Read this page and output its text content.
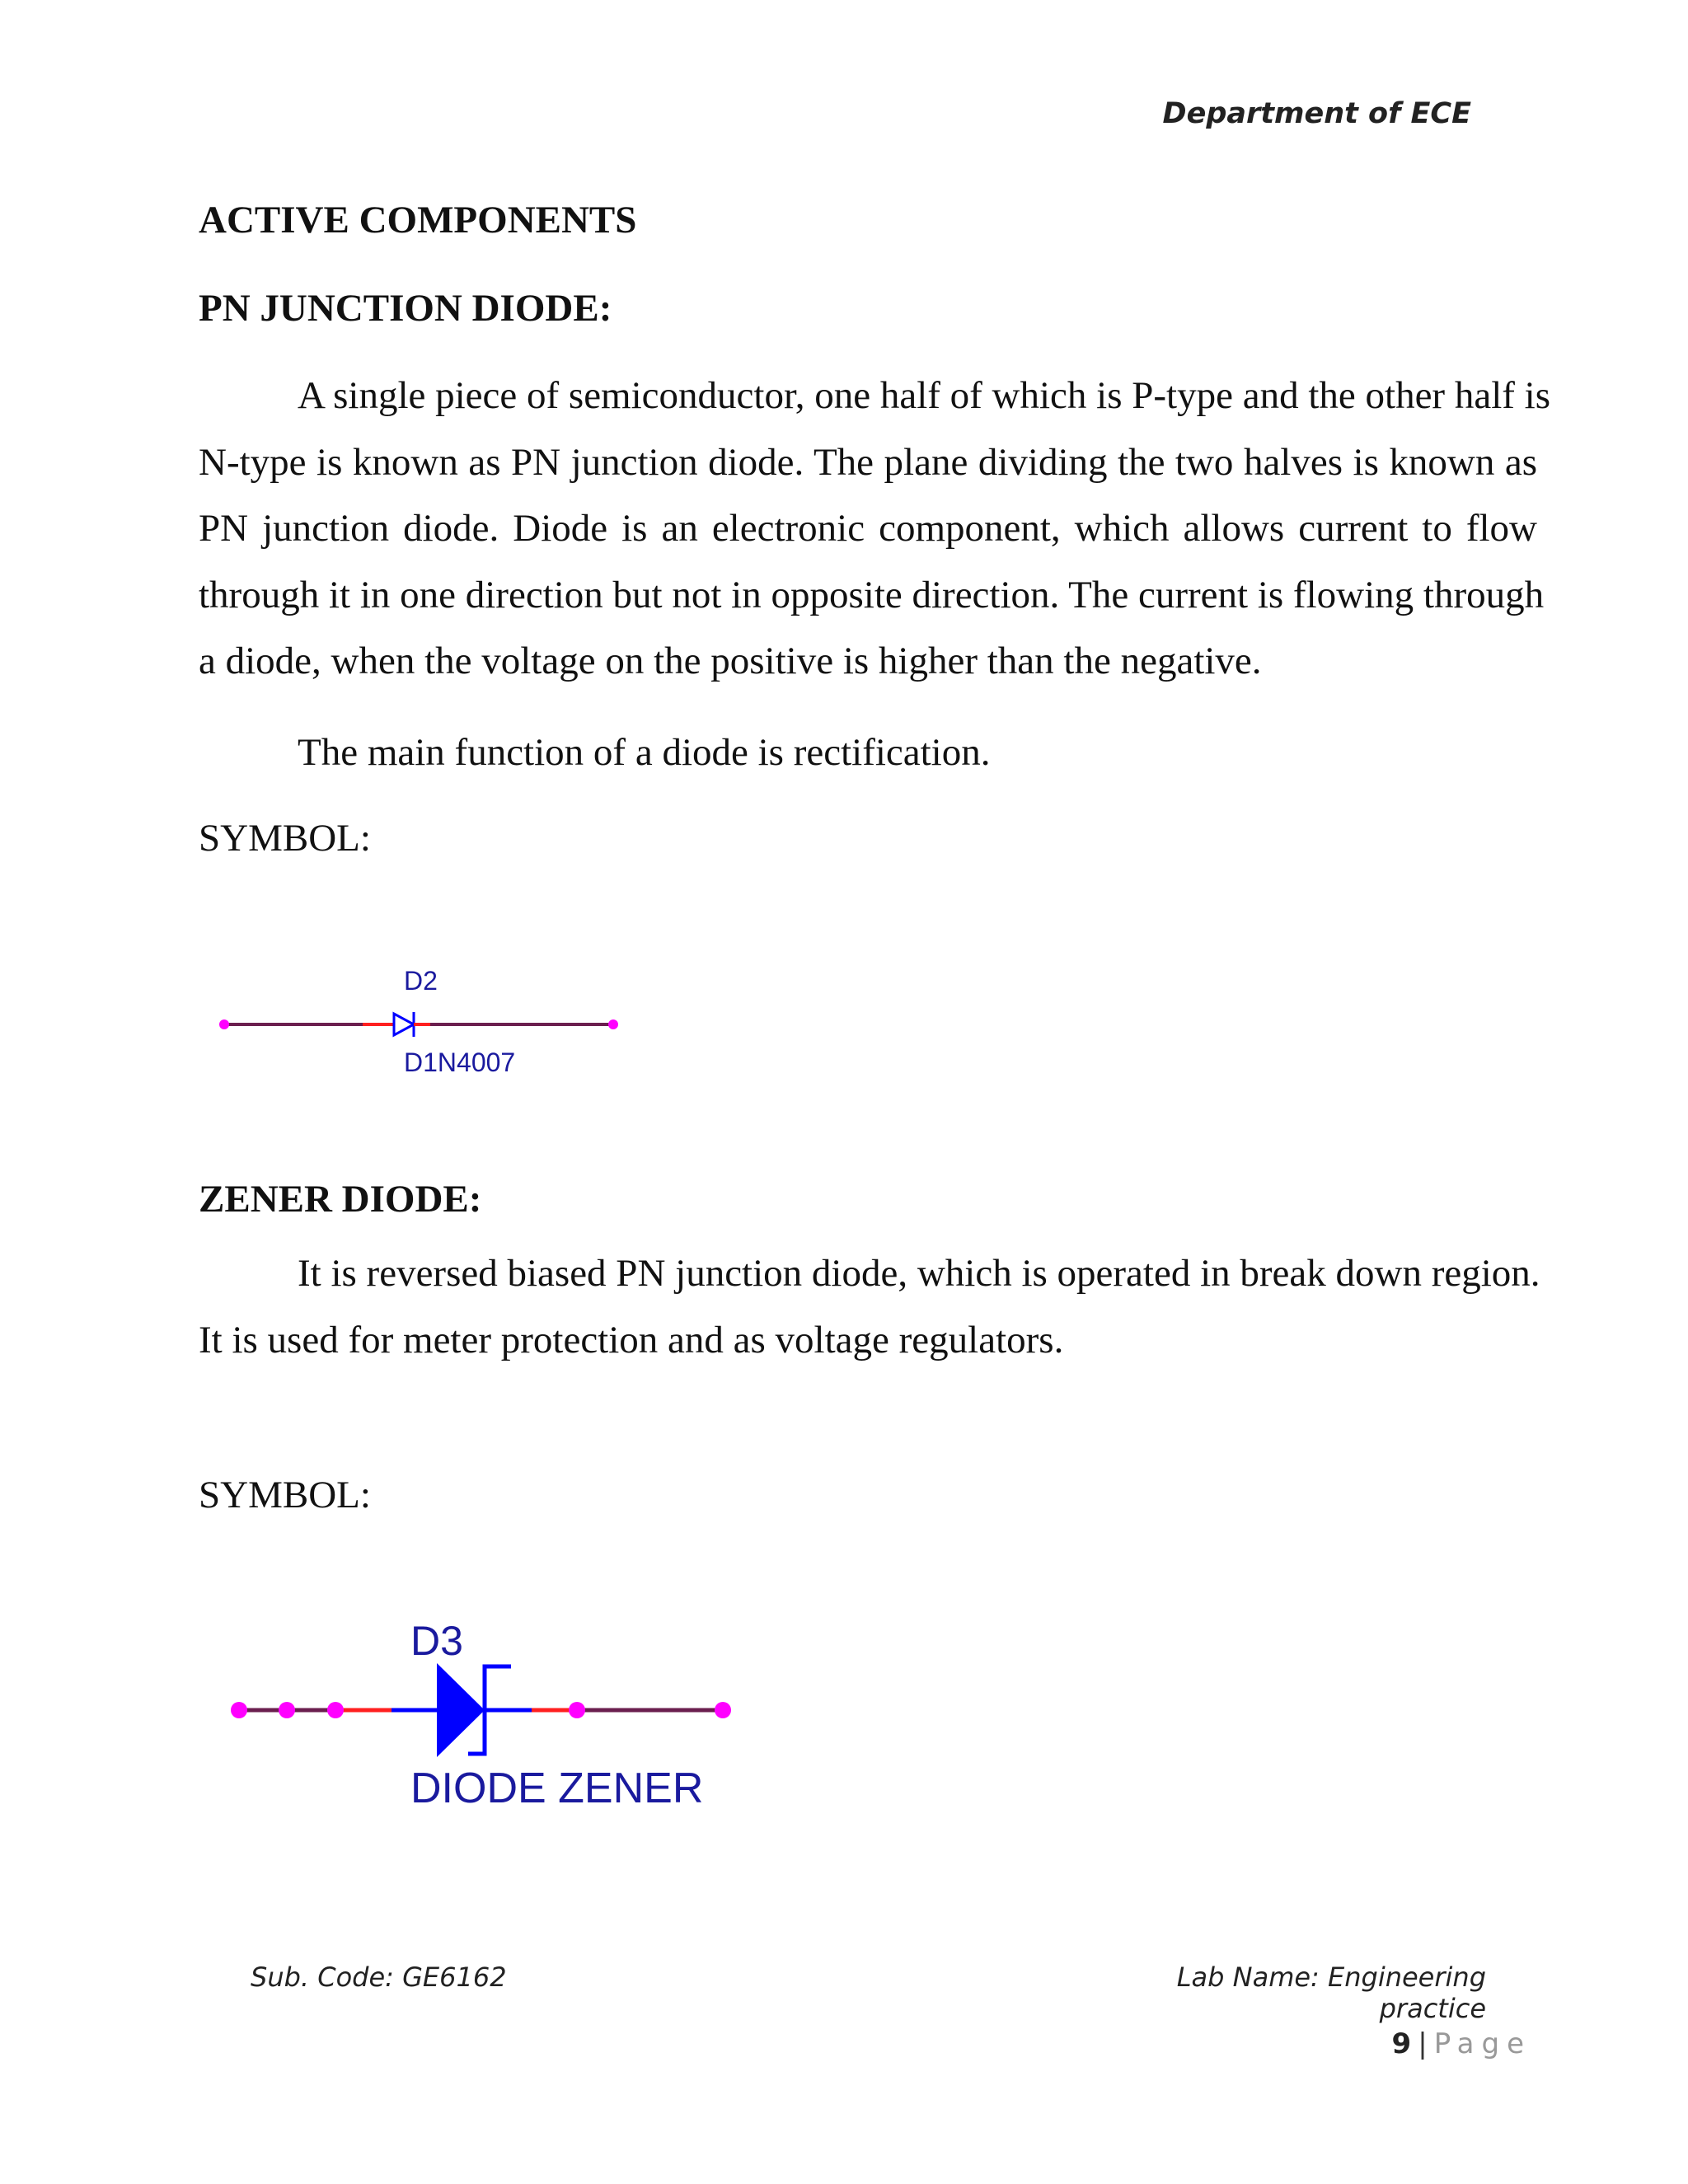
Department of ECE
ACTIVE COMPONENTS
PN JUNCTION DIODE:
A single piece of semiconductor, one half of which is P-type and the other half is
N-type is known as PN junction diode. The plane dividing the two halves is known as
PN junction diode. Diode is an electronic component, which allows current to flow
through it in one direction but not in opposite direction. The current is flowing through
a diode, when the voltage on the positive is higher than the negative.
The main function of a diode is rectification.
SYMBOL:
D2
D1N4007
ZENER DIODE:
It is reversed biased PN junction diode, which is operated in break down region.
It is used for meter protection and as voltage regulators.
SYMBOL:
D3
DIODE ZENER
Sub. Code: GE6162	Lab Name: Engineering practice
9 | Page
